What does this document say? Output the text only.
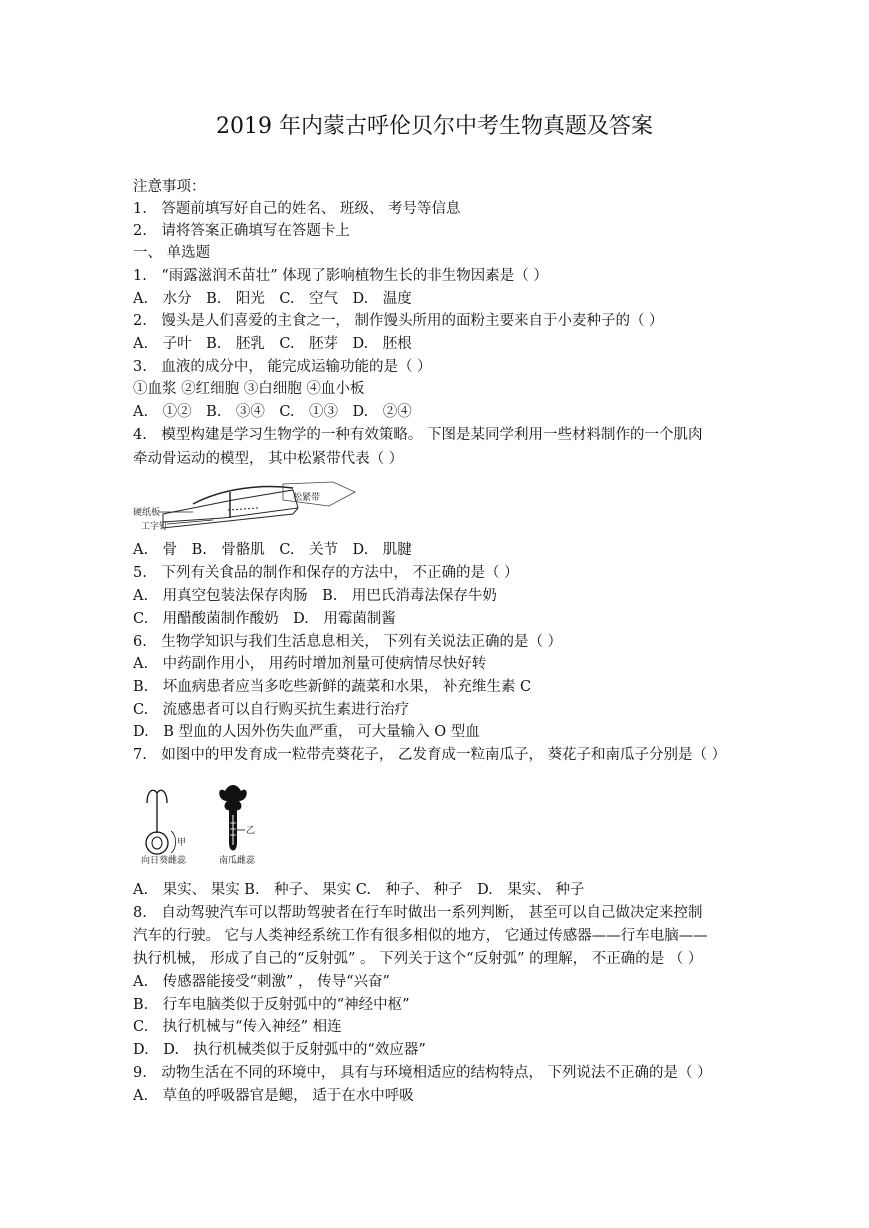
2019 年内蒙古呼伦贝尔中考生物真题及答案
注意事项：
1.　答题前填写好自己的姓名、 班级、 考号等信息
2.　请将答案正确填写在答题卡上
一、 单选题
1.　“雨露滋润禾苗壮” 体现了影响植物生长的非生物因素是（ ）
A.　水分　B.　阳光　C.　空气　D.　温度
2.　馒头是人们喜爱的主食之一， 制作馒头所用的面粉主要来自于小麦种子的（ ）
A.　子叶　B.　胚乳　C.　胚芽　D.　胚根
3.　血液的成分中， 能完成运输功能的是（ ）
①血浆 ②红细胞 ③白细胞 ④血小板
A.　①②　B.　③④　C.　①③　D.　②④
4.　模型构建是学习生物学的一种有效策略。 下图是某同学利用一些材料制作的一个肌肉
牵动骨运动的模型， 其中松紧带代表（ ）
硬纸板
工字钉
松紧带
A.　骨　B.　骨骼肌　C.　关节　D.　肌腱
5.　下列有关食品的制作和保存的方法中， 不正确的是（ ）
A.　用真空包装法保存肉肠　B.　用巴氏消毒法保存牛奶
C.　用醋酸菌制作酸奶　D.　用霉菌制酱
6.　生物学知识与我们生活息息相关， 下列有关说法正确的是（ ）
A.　中药副作用小， 用药时增加剂量可使病情尽快好转
B.　坏血病患者应当多吃些新鲜的蔬菜和水果， 补充维生素 C
C.　流感患者可以自行购买抗生素进行治疗
D.　B 型血的人因外伤失血严重， 可大量输入 O 型血
7.　如图中的甲发育成一粒带壳葵花子， 乙发育成一粒南瓜子， 葵花子和南瓜子分别是（ ）
甲
向日葵雌蕊
乙
南瓜雌蕊
A.　果实、 果实 B.　种子、 果实 C.　种子、 种子　D.　果实、 种子
8.　自动驾驶汽车可以帮助驾驶者在行车时做出一系列判断， 甚至可以自己做决定来控制
汽车的行驶。 它与人类神经系统工作有很多相似的地方， 它通过传感器——行车电脑——
执行机械， 形成了自己的“反射弧” 。 下列关于这个“反射弧” 的理解， 不正确的是 （ ）
A.　传感器能接受“刺激” ， 传导“兴奋”
B.　行车电脑类似于反射弧中的“神经中枢”
C.　执行机械与“传入神经” 相连
D.　D.　执行机械类似于反射弧中的“效应器”
9.　动物生活在不同的环境中， 具有与环境相适应的结构特点， 下列说法不正确的是（ ）
A.　草鱼的呼吸器官是鳃， 适于在水中呼吸
